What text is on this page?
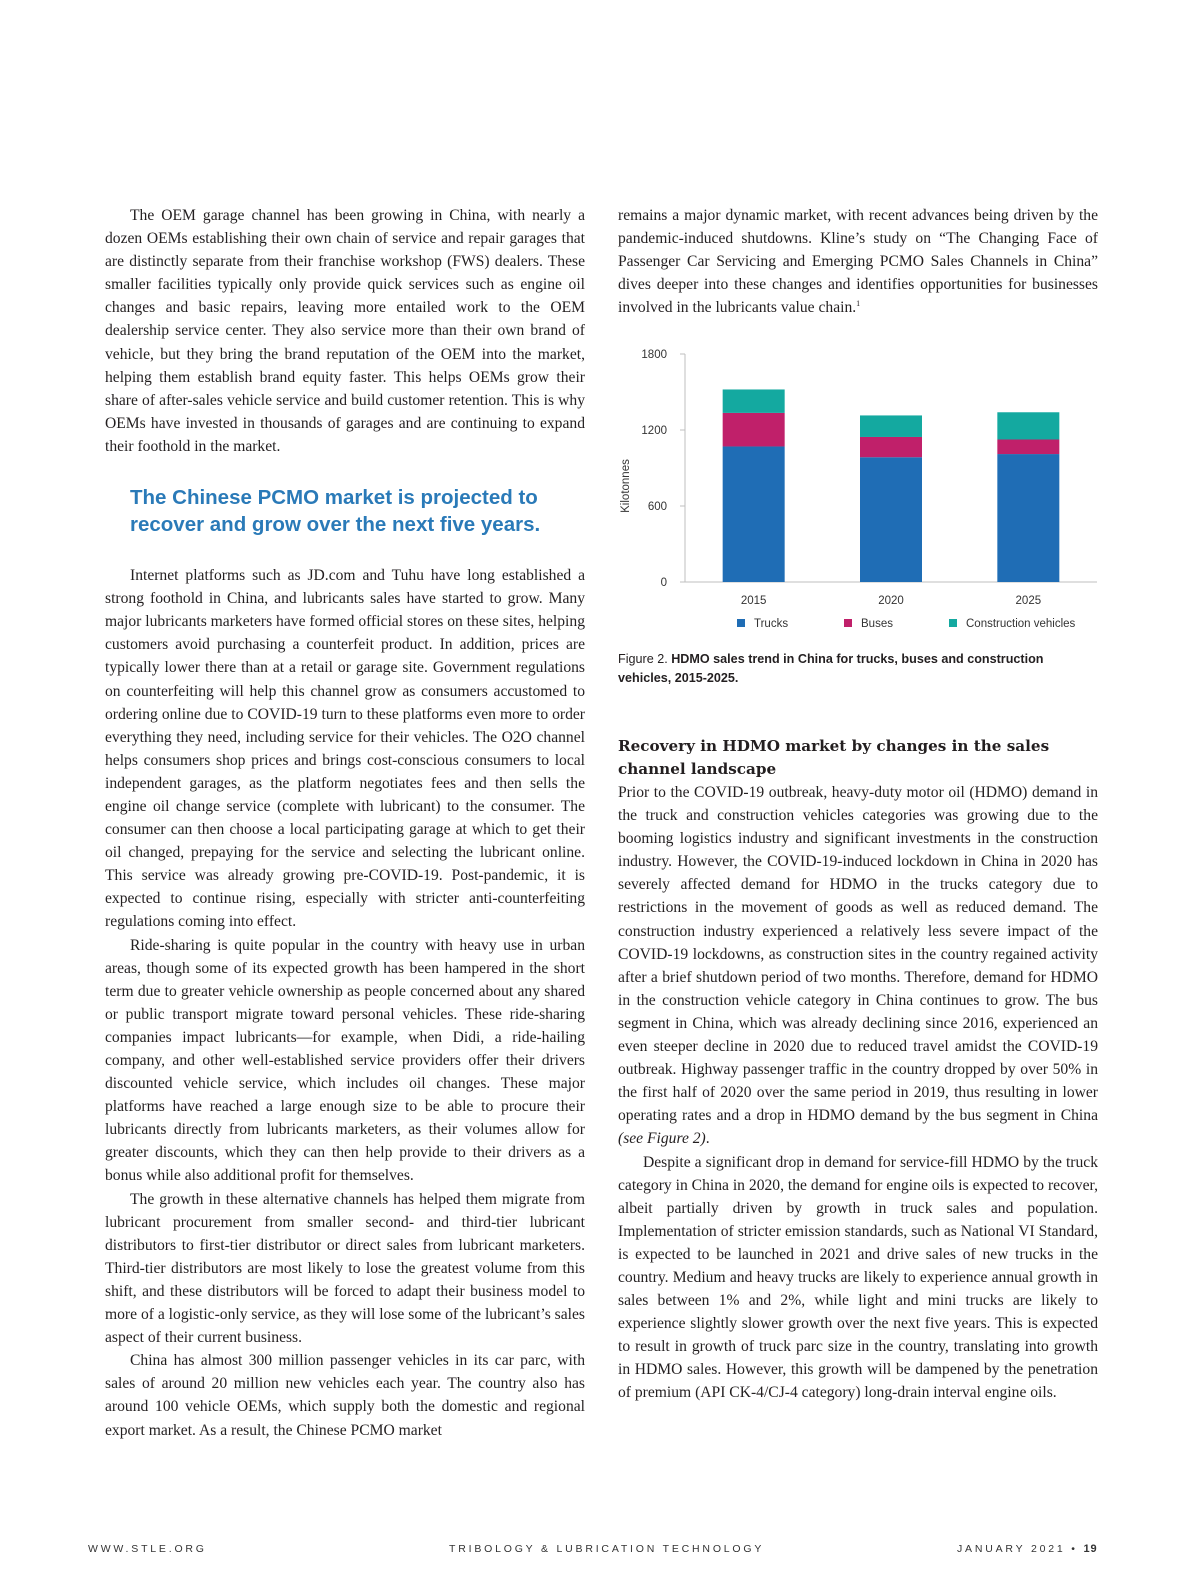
The OEM garage channel has been growing in China, with nearly a dozen OEMs establishing their own chain of service and repair garages that are distinctly separate from their franchise workshop (FWS) dealers. These smaller facilities typically only provide quick services such as engine oil changes and basic repairs, leaving more entailed work to the OEM dealership service center. They also service more than their own brand of vehicle, but they bring the brand reputation of the OEM into the market, helping them establish brand equity faster. This helps OEMs grow their share of after-sales vehicle service and build customer retention. This is why OEMs have invested in thousands of garages and are continuing to expand their foothold in the market.

The Chinese PCMO market is projected to recover and grow over the next five years.

Internet platforms such as JD.com and Tuhu have long established a strong foothold in China, and lubricants sales have started to grow. Many major lubricants marketers have formed official stores on these sites, helping customers avoid purchasing a counterfeit product. In addition, prices are typically lower there than at a retail or garage site. Government regulations on counterfeiting will help this channel grow as consumers accustomed to ordering online due to COVID-19 turn to these platforms even more to order everything they need, including service for their vehicles. The O2O channel helps consumers shop prices and brings cost-conscious consumers to local independent garages, as the platform negotiates fees and then sells the engine oil change service (complete with lubricant) to the consumer. The consumer can then choose a local participating garage at which to get their oil changed, prepaying for the service and selecting the lubricant online. This service was already growing pre-COVID-19. Post-pandemic, it is expected to continue rising, especially with stricter anti-counterfeiting regulations coming into effect.

Ride-sharing is quite popular in the country with heavy use in urban areas, though some of its expected growth has been hampered in the short term due to greater vehicle ownership as people concerned about any shared or public transport migrate toward personal vehicles. These ride-sharing companies impact lubricants—for example, when Didi, a ride-hailing company, and other well-established service providers offer their drivers discounted vehicle service, which includes oil changes. These major platforms have reached a large enough size to be able to procure their lubricants directly from lubricants marketers, as their volumes allow for greater discounts, which they can then help provide to their drivers as a bonus while also additional profit for themselves.

The growth in these alternative channels has helped them migrate from lubricant procurement from smaller second- and third-tier lubricant distributors to first-tier distributor or direct sales from lubricant marketers. Third-tier distributors are most likely to lose the greatest volume from this shift, and these distributors will be forced to adapt their business model to more of a logistic-only service, as they will lose some of the lubricant’s sales aspect of their current business.

China has almost 300 million passenger vehicles in its car parc, with sales of around 20 million new vehicles each year. The country also has around 100 vehicle OEMs, which supply both the domestic and regional export market. As a result, the Chinese PCMO market

remains a major dynamic market, with recent advances being driven by the pandemic-induced shutdowns. Kline’s study on “The Changing Face of Passenger Car Servicing and Emerging PCMO Sales Channels in China” dives deeper into these changes and identifies opportunities for businesses involved in the lubricants value chain.$^1$

0
600
1200
1800
Kilotonnes
2015	2020	2025
Trucks	Buses	Construction vehicles
Figure 2. HDMO sales trend in China for trucks, buses and construction vehicles, 2015-2025.
Recovery in HDMO market by changes in the sales channel landscape

Prior to the COVID-19 outbreak, heavy-duty motor oil (HDMO) demand in the truck and construction vehicles categories was growing due to the booming logistics industry and significant investments in the construction industry. However, the COVID-19-induced lockdown in China in 2020 has severely affected demand for HDMO in the trucks category due to restrictions in the movement of goods as well as reduced demand. The construction industry experienced a relatively less severe impact of the COVID-19 lockdowns, as construction sites in the country regained activity after a brief shutdown period of two months. Therefore, demand for HDMO in the construction vehicle category in China continues to grow. The bus segment in China, which was already declining since 2016, experienced an even steeper decline in 2020 due to reduced travel amidst the COVID-19 outbreak. Highway passenger traffic in the country dropped by over 50% in the first half of 2020 over the same period in 2019, thus resulting in lower operating rates and a drop in HDMO demand by the bus segment in China (see Figure 2).

Despite a significant drop in demand for service-fill HDMO by the truck category in China in 2020, the demand for engine oils is expected to recover, albeit partially driven by growth in truck sales and population. Implementation of stricter emission standards, such as National VI Standard, is expected to be launched in 2021 and drive sales of new trucks in the country. Medium and heavy trucks are likely to experience annual growth in sales between 1% and 2%, while light and mini trucks are likely to experience slightly slower growth over the next five years. This is expected to result in growth of truck parc size in the country, translating into growth in HDMO sales. However, this growth will be dampened by the penetration of premium (API CK-4/CJ-4 category) long-drain interval engine oils.

WWW.STLE.ORG	TRIBOLOGY & LUBRICATION TECHNOLOGY	JANUARY 2021 • 19
